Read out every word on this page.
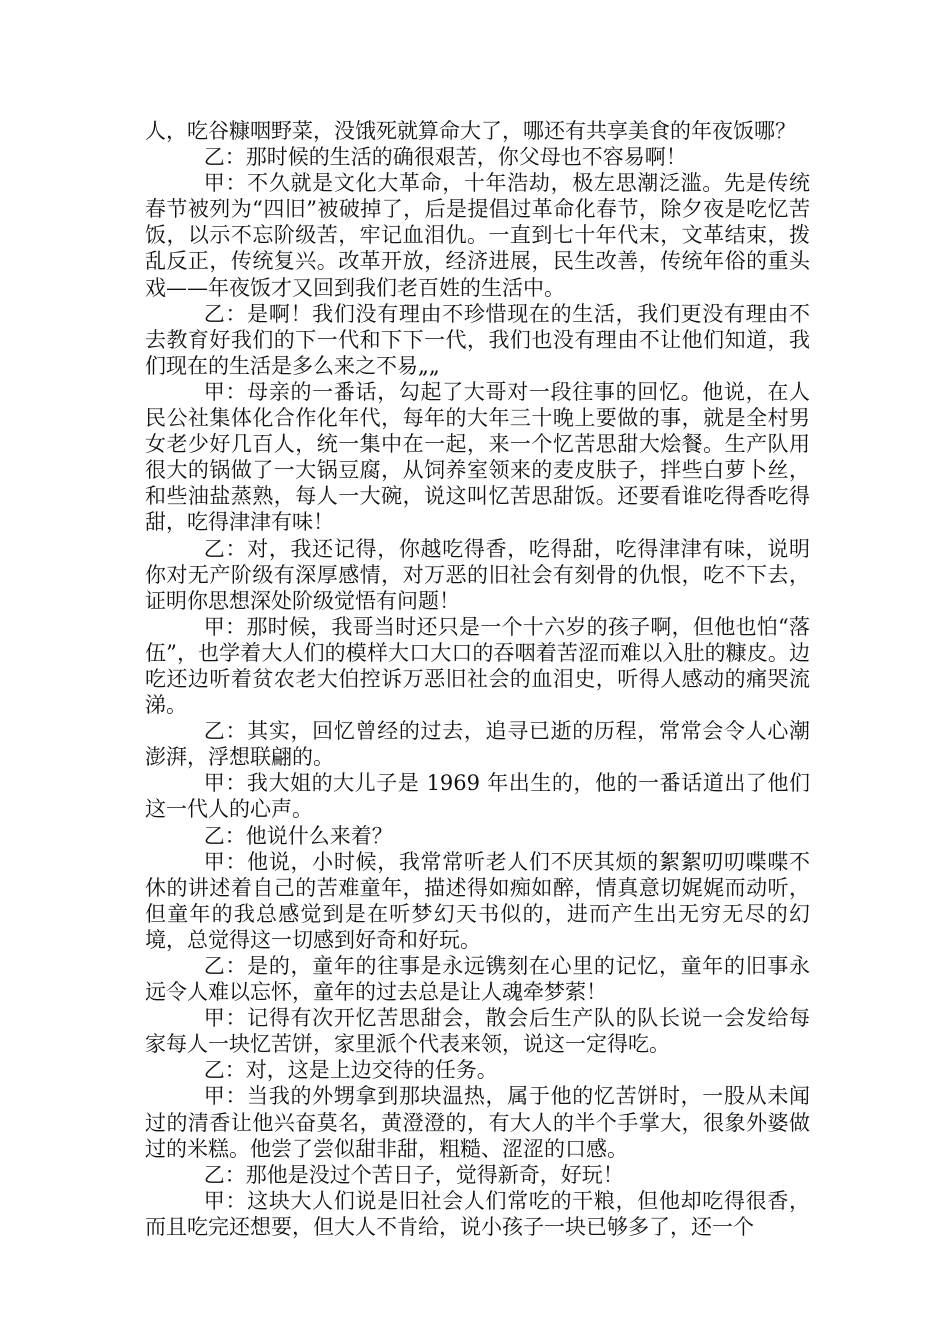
人，吃谷糠咽野菜，没饿死就算命大了，哪还有共享美食的年夜饭哪？

乙：那时候的生活的确很艰苦，你父母也不容易啊！

甲：不久就是文化大革命，十年浩劫，极左思潮泛滥。先是传统春节被列为“四旧”被破掉了，后是提倡过革命化春节，除夕夜是吃忆苦饭，以示不忘阶级苦，牢记血泪仇。一直到七十年代末，文革结束，拨乱反正，传统复兴。改革开放，经济进展，民生改善，传统年俗的重头戏——年夜饭才又回到我们老百姓的生活中。

乙：是啊！我们没有理由不珍惜现在的生活，我们更没有理由不去教育好我们的下一代和下下一代，我们也没有理由不让他们知道，我们现在的生活是多么来之不易„„

甲：母亲的一番话，勾起了大哥对一段往事的回忆。他说，在人民公社集体化合作化年代，每年的大年三十晚上要做的事，就是全村男女老少好几百人，统一集中在一起，来一个忆苦思甜大烩餐。生产队用很大的锅做了一大锅豆腐，从饲养室领来的麦皮肤子，拌些白萝卜丝，和些油盐蒸熟，每人一大碗，说这叫忆苦思甜饭。还要看谁吃得香吃得甜，吃得津津有味！

乙：对，我还记得，你越吃得香，吃得甜，吃得津津有味，说明你对无产阶级有深厚感情，对万恶的旧社会有刻骨的仇恨，吃不下去，证明你思想深处阶级觉悟有问题！

甲：那时候，我哥当时还只是一个十六岁的孩子啊，但他也怕“落伍”，也学着大人们的模样大口大口的吞咽着苦涩而难以入肚的糠皮。边吃还边听着贫农老大伯控诉万恶旧社会的血泪史，听得人感动的痛哭流涕。

乙：其实，回忆曾经的过去，追寻已逝的历程，常常会令人心潮澎湃，浮想联翩的。

甲：我大姐的大儿子是 1969 年出生的，他的一番话道出了他们这一代人的心声。

乙：他说什么来着？

甲：他说，小时候，我常常听老人们不厌其烦的絮絮叨叨喋喋不休的讲述着自己的苦难童年，描述得如痴如醉，情真意切娓娓而动听，但童年的我总感觉到是在听梦幻天书似的，进而产生出无穷无尽的幻境，总觉得这一切感到好奇和好玩。

乙：是的，童年的往事是永远镌刻在心里的记忆，童年的旧事永远令人难以忘怀，童年的过去总是让人魂牵梦萦！

甲：记得有次开忆苦思甜会，散会后生产队的队长说一会发给每家每人一块忆苦饼，家里派个代表来领，说这一定得吃。

乙：对，这是上边交待的任务。

甲：当我的外甥拿到那块温热，属于他的忆苦饼时，一股从未闻过的清香让他兴奋莫名，黄澄澄的，有大人的半个手掌大，很象外婆做过的米糕。他尝了尝似甜非甜，粗糙、涩涩的口感。

乙：那他是没过个苦日子，觉得新奇，好玩！

甲：这块大人们说是旧社会人们常吃的干粮，但他却吃得很香，而且吃完还想要，但大人不肯给，说小孩子一块已够多了，还一个
